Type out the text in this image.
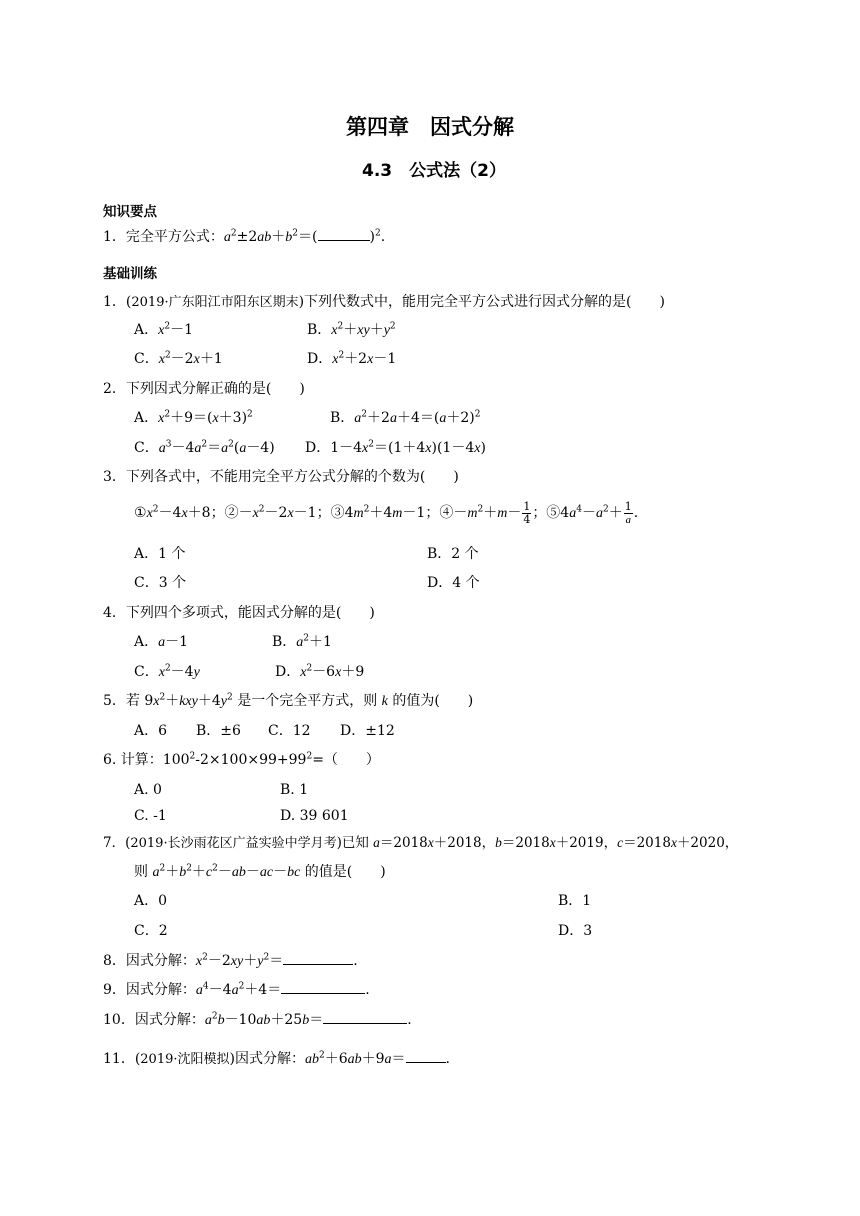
第四章　因式分解
4.3　公式法（2）
知识要点
1．完全平方公式：$a^2\pm 2ab+b^2=$(	)$^2$.
基础训练
1．(2019·广东阳江市阳东区期末)下列代数式中，能用完全平方公式进行因式分解的是(　　)
A．$x^2-1$	B．$x^2+xy+y^2$
C．$x^2-2x+1$	D．$x^2+2x-1$
2．下列因式分解正确的是(　　)
A．$x^2+9=(x+3)^2$	B．$a^2+2a+4=(a+2)^2$
C．$a^3-4a^2=a^2(a-4)$ D．$1-4x^2=(1+4x)(1-4x)$
3．下列各式中，不能用完全平方公式分解的个数为(　　)
$①x^2-4x+8$；$②-x^2-2x-1$；$③4m^2+4m-1$；$④-m^2+m- \frac{1}{4}$ ；$⑤4a^4-a^2+ \frac{1}{a}$ .
A．1 个	B．2 个
C．3 个	D．4 个
4．下列四个多项式，能因式分解的是(　　)
A．a－1	B．$a^2+1$
C．$x^2-4y$	D．$x^2-6x+9$
5．若 $9x^2+kxy+4y^2$ 是一个完全平方式，则 k 的值为(　　)
A．6 B．±6 C．12 D．±12
6. 计算：$100^2-2\times 100\times 99+99^2=$（　　）
A. 0	B. 1
C. -1	D. 39 601
7．(2019·长沙雨花区广益实验中学月考)已知 a＝2018x＋2018，b＝2018x＋2019，c＝2018x＋2020，
则 $a^2+b^2+c^2-ab-ac-bc$ 的值是(　　)
A．0	B．1
C．2	D．3
8．因式分解：$x^2-2xy+y^2=$	.
9．因式分解：$a^4-4a^2+4=$	.
10．因式分解：$a^2b-10ab+25b=$	.
11．(2019·沈阳模拟)因式分解：$ab^2+6ab+9a=$	.
